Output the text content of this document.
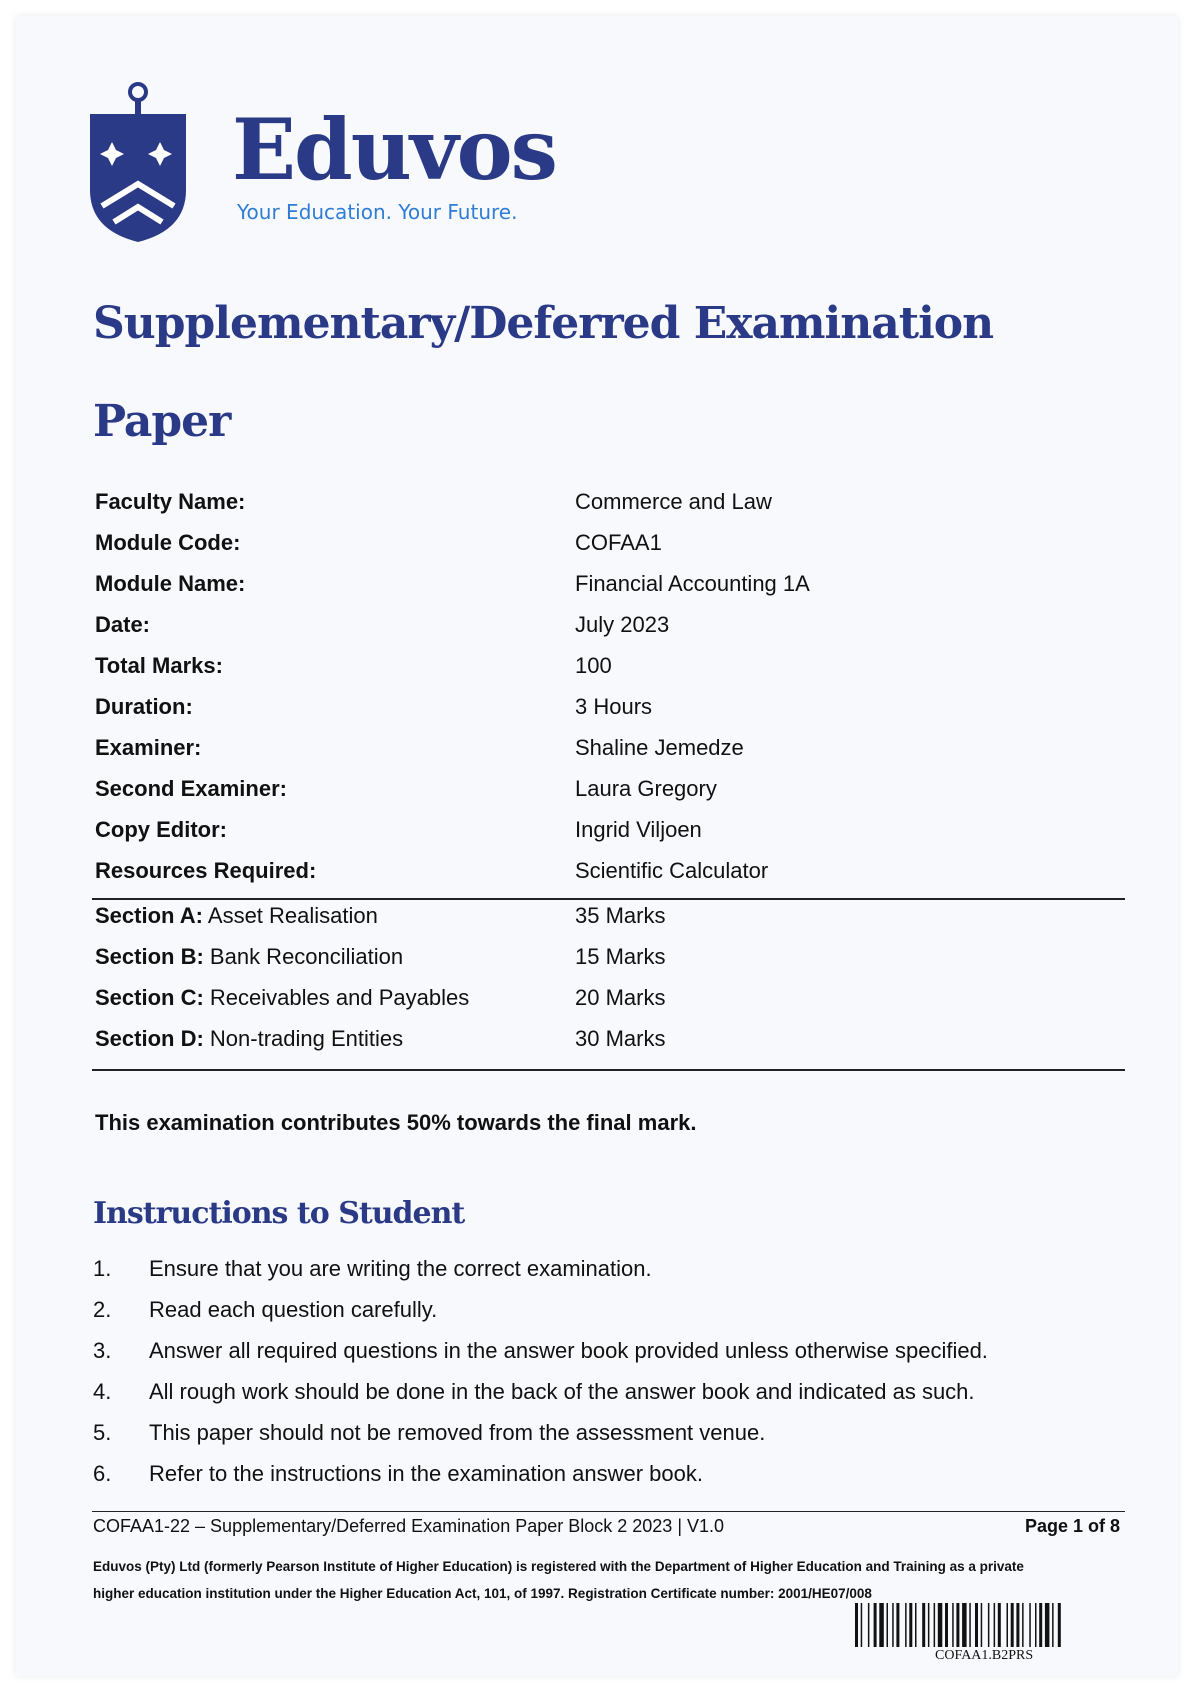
Eduvos
Your Education. Your Future.
Supplementary/Deferred Examination
Paper
Faculty Name:	Commerce and Law
Module Code:	COFAA1
Module Name:	Financial Accounting 1A
Date:	July 2023
Total Marks:	100
Duration:	3 Hours
Examiner:	Shaline Jemedze
Second Examiner:	Laura Gregory
Copy Editor:	Ingrid Viljoen
Resources Required:	Scientific Calculator
Section A: Asset Realisation	35 Marks
Section B: Bank Reconciliation	15 Marks
Section C: Receivables and Payables	20 Marks
Section D: Non-trading Entities	30 Marks
This examination contributes 50% towards the final mark.
Instructions to Student
1. Ensure that you are writing the correct examination.
2. Read each question carefully.
3. Answer all required questions in the answer book provided unless otherwise specified.
4. All rough work should be done in the back of the answer book and indicated as such.
5. This paper should not be removed from the assessment venue.
6. Refer to the instructions in the examination answer book.
COFAA1-22 – Supplementary/Deferred Examination Paper Block 2 2023 | V1.0	Page 1 of 8
Eduvos (Pty) Ltd (formerly Pearson Institute of Higher Education) is registered with the Department of Higher Education and Training as a private
higher education institution under the Higher Education Act, 101, of 1997. Registration Certificate number: 2001/HE07/008
COFAA1.B2PRS
